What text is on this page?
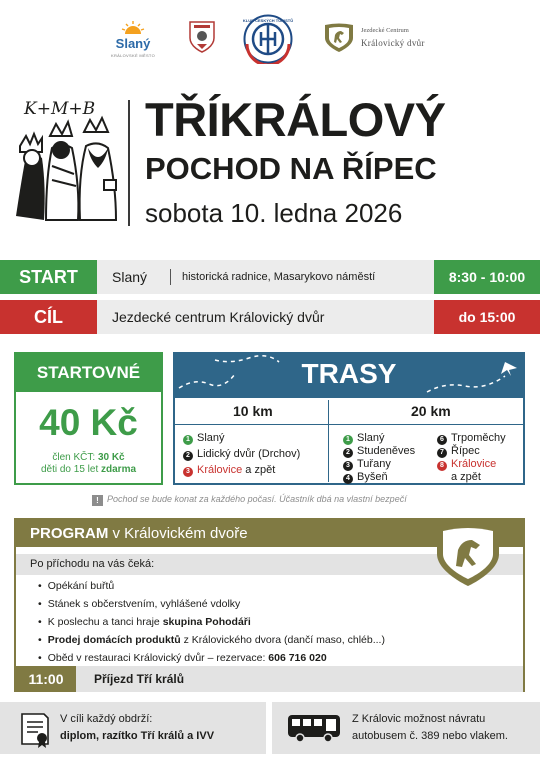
Slaný
KRÁLOVSKÉ MĚSTO
KLUB ČESKÝCH TURISTŮ
Jezdecké Centrum
Královický dvůr
K+M+B TŘÍKRÁLOVÝ
POCHOD NA ŘÍPEC
sobota 10. ledna 2026
START	Slaný	historická radnice, Masarykovo náměstí	8:30 - 10:00
CÍL	Jezdecké centrum Královický dvůr	do 15:00
STARTOVNÉ
40 Kč
člen KČT: 30 Kč
děti do 15 let zdarma
TRASY
10 km	20 km
1 Slaný
2 Lidický dvůr (Drchov)
3 Královice a zpět
1 Slaný
2 Studeněves
3 Tuřany
4 Byšeň
6 Trpoměchy
7 Řípec
8 Královice
a zpět
! Pochod se bude konat za každého počasí. Účastník dbá na vlastní bezpečí
PROGRAM v Královickém dvoře
Po příchodu na vás čeká:
• Opékání buřtů
• Stánek s občerstvením, vyhlášené vdolky
• K poslechu a tanci hraje skupina Pohodáři
• Prodej domácích produktů z Královického dvora (dančí maso, chléb...)
• Oběd v restauraci Královický dvůr – rezervace: 606 716 020
11:00	Příjezd Tří králů
V cíli každý obdrží:
diplom, razítko Tří králů a IVV
Z Královic možnost návratu
autobusem č. 389 nebo vlakem.
